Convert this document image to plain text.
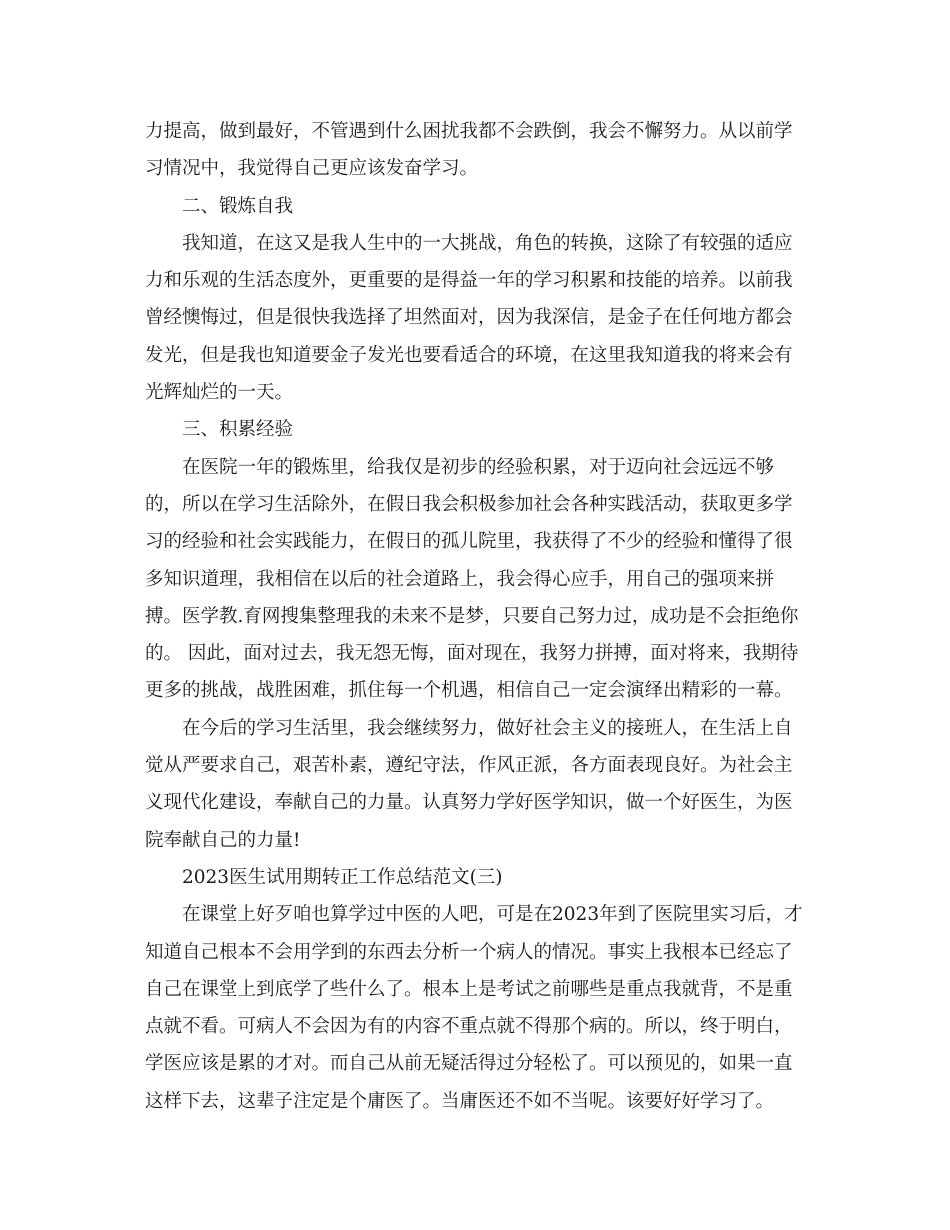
力提高，做到最好，不管遇到什么困扰我都不会跌倒，我会不懈努力。从以前学习情况中，我觉得自己更应该发奋学习。

二、锻炼自我

我知道，在这又是我人生中的一大挑战，角色的转换，这除了有较强的适应力和乐观的生活态度外，更重要的是得益一年的学习积累和技能的培养。以前我曾经懊悔过，但是很快我选择了坦然面对，因为我深信，是金子在任何地方都会发光，但是我也知道要金子发光也要看适合的环境，在这里我知道我的将来会有光辉灿烂的一天。

三、积累经验

在医院一年的锻炼里，给我仅是初步的经验积累，对于迈向社会远远不够的，所以在学习生活除外，在假日我会积极参加社会各种实践活动，获取更多学习的经验和社会实践能力，在假日的孤儿院里，我获得了不少的经验和懂得了很多知识道理，我相信在以后的社会道路上，我会得心应手，用自己的强项来拼搏。医学教.育网搜集整理我的未来不是梦，只要自己努力过，成功是不会拒绝你的。 因此，面对过去，我无怨无悔，面对现在，我努力拼搏，面对将来，我期待更多的挑战，战胜困难，抓住每一个机遇，相信自己一定会演绎出精彩的一幕。

在今后的学习生活里，我会继续努力，做好社会主义的接班人，在生活上自觉从严要求自己，艰苦朴素，遵纪守法，作风正派，各方面表现良好。为社会主义现代化建设，奉献自己的力量。认真努力学好医学知识，做一个好医生，为医院奉献自己的力量!

2023医生试用期转正工作总结范文(三)

在课堂上好歹咱也算学过中医的人吧，可是在2023年到了医院里实习后，才知道自己根本不会用学到的东西去分析一个病人的情况。事实上我根本已经忘了自己在课堂上到底学了些什么了。根本上是考试之前哪些是重点我就背，不是重点就不看。可病人不会因为有的内容不重点就不得那个病的。所以，终于明白，学医应该是累的才对。而自己从前无疑活得过分轻松了。可以预见的，如果一直这样下去，这辈子注定是个庸医了。当庸医还不如不当呢。该要好好学习了。
